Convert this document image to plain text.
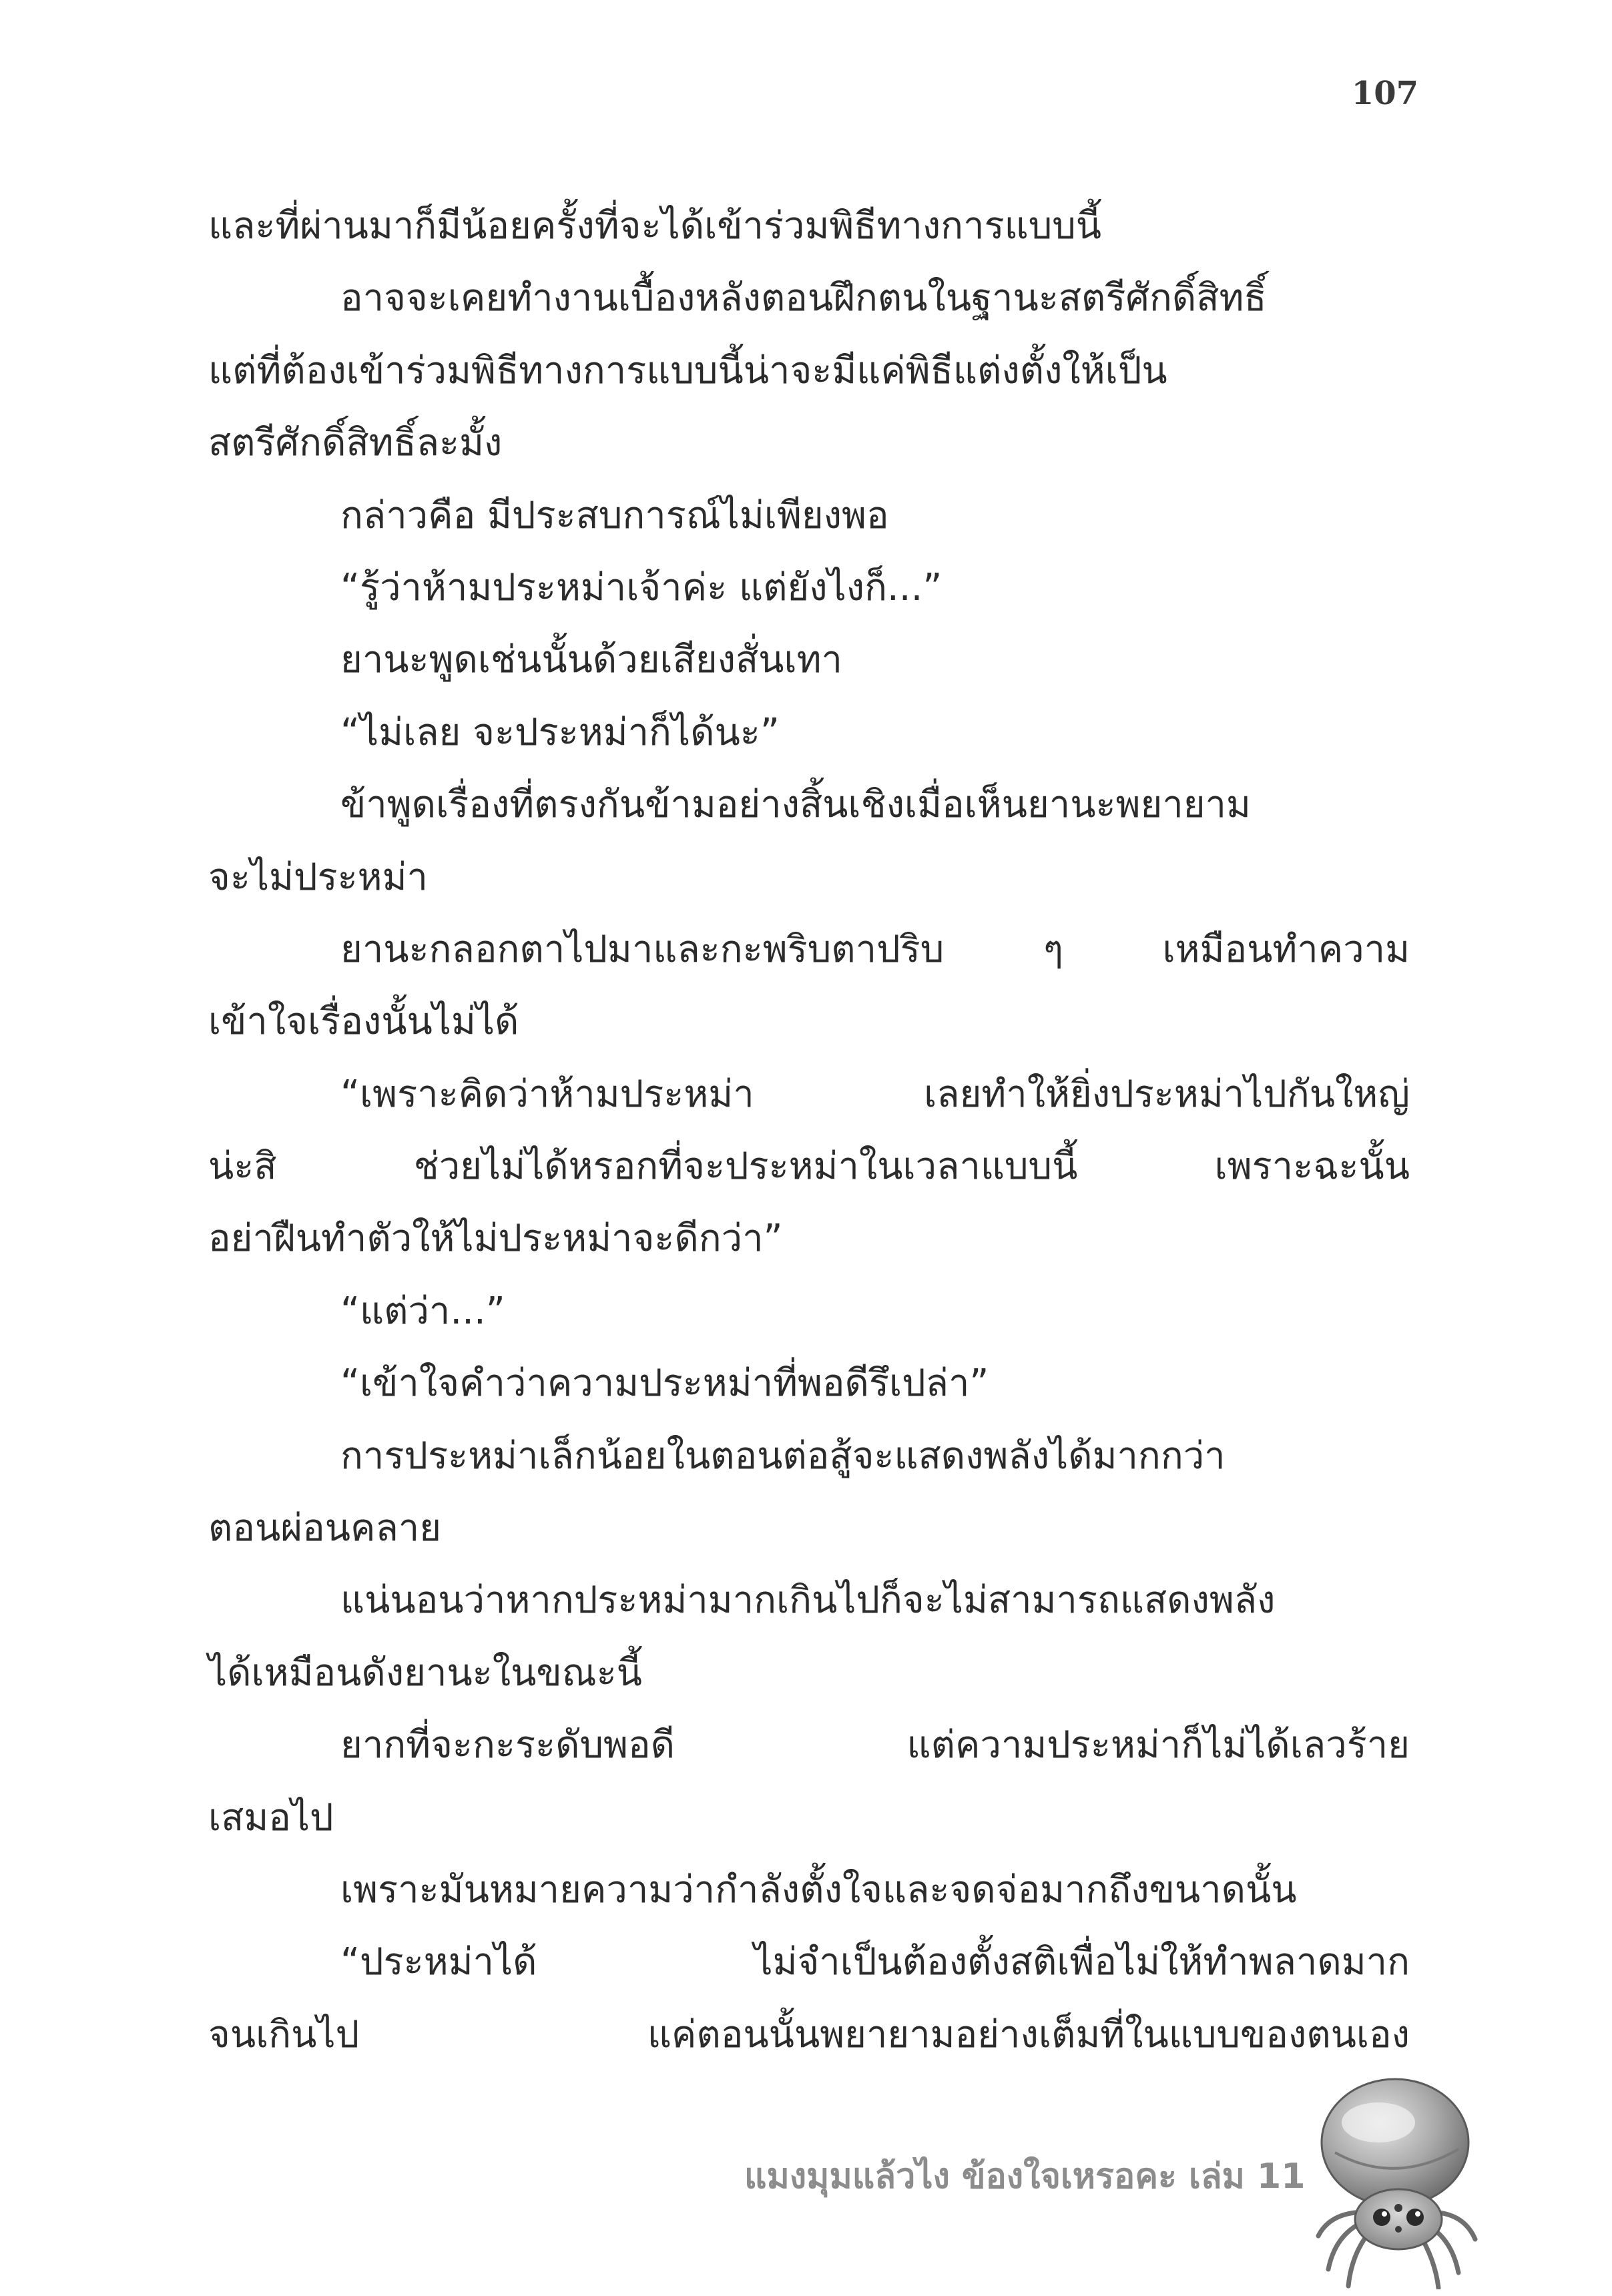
107
และที่ผ่านมาก็มีน้อยครั้งที่จะได้เข้าร่วมพิธีทางการแบบนี้
อาจจะเคยทำงานเบื้องหลังตอนฝึกตนในฐานะสตรีศักดิ์สิทธิ์
แต่ที่ต้องเข้าร่วมพิธีทางการแบบนี้น่าจะมีแค่พิธีแต่งตั้งให้เป็น
สตรีศักดิ์สิทธิ์ละมั้ง
กล่าวคือ มีประสบการณ์ไม่เพียงพอ
“รู้ว่าห้ามประหม่าเจ้าค่ะ แต่ยังไงก็...”
ยานะพูดเช่นนั้นด้วยเสียงสั่นเทา
“ไม่เลย จะประหม่าก็ได้นะ”
ข้าพูดเรื่องที่ตรงกันข้ามอย่างสิ้นเชิงเมื่อเห็นยานะพยายาม
จะไม่ประหม่า
ยานะกลอกตาไปมาและกะพริบตาปริบ ๆ เหมือนทำความ
เข้าใจเรื่องนั้นไม่ได้
“เพราะคิดว่าห้ามประหม่า เลยทำให้ยิ่งประหม่าไปกันใหญ่
น่ะสิ ช่วยไม่ได้หรอกที่จะประหม่าในเวลาแบบนี้ เพราะฉะนั้น
อย่าฝืนทำตัวให้ไม่ประหม่าจะดีกว่า”
“แต่ว่า...”
“เข้าใจคำว่าความประหม่าที่พอดีรึเปล่า”
การประหม่าเล็กน้อยในตอนต่อสู้จะแสดงพลังได้มากกว่า
ตอนผ่อนคลาย
แน่นอนว่าหากประหม่ามากเกินไปก็จะไม่สามารถแสดงพลัง
ได้เหมือนดังยานะในขณะนี้
ยากที่จะกะระดับพอดี แต่ความประหม่าก็ไม่ได้เลวร้าย
เสมอไป
เพราะมันหมายความว่ากำลังตั้งใจและจดจ่อมากถึงขนาดนั้น
“ประหม่าได้ ไม่จำเป็นต้องตั้งสติเพื่อไม่ให้ทำพลาดมาก
จนเกินไป แค่ตอนนั้นพยายามอย่างเต็มที่ในแบบของตนเอง
แมงมุมแล้วไง ข้องใจเหรอคะ เล่ม 11
